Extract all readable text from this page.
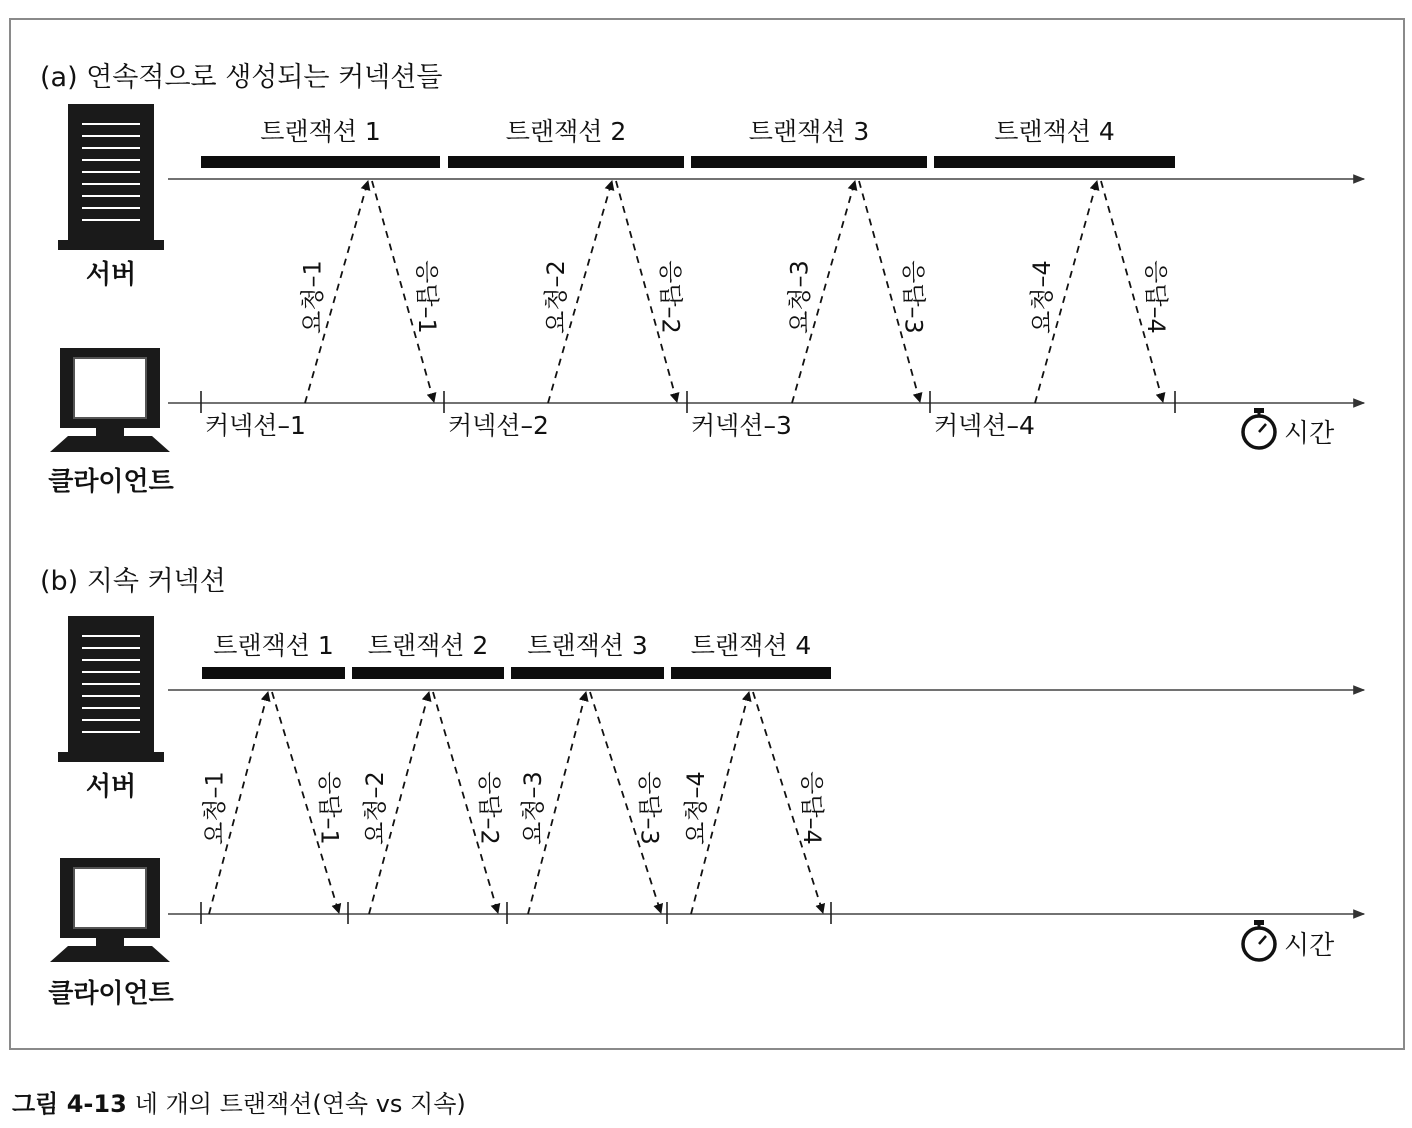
(a) 연속적으로 생성되는 커넥션들
서버
클라이언트
시간
트랜잭션 1
요청–1	응답–1
커넥션–1
트랜잭션 2
요청–2	응답–2
커넥션–2
트랜잭션 3
요청–3	응답–3
커넥션–3
트랜잭션 4
요청–4	응답–4
커넥션–4
(b) 지속 커넥션
서버
클라이언트
시간
트랜잭션 1
요청–1	응답–1
트랜잭션 2
요청–2	응답–2
트랜잭션 3
요청–3	응답–3
트랜잭션 4
요청–4	응답–4
그림 4-13 네 개의 트랜잭션(연속 vs 지속)
